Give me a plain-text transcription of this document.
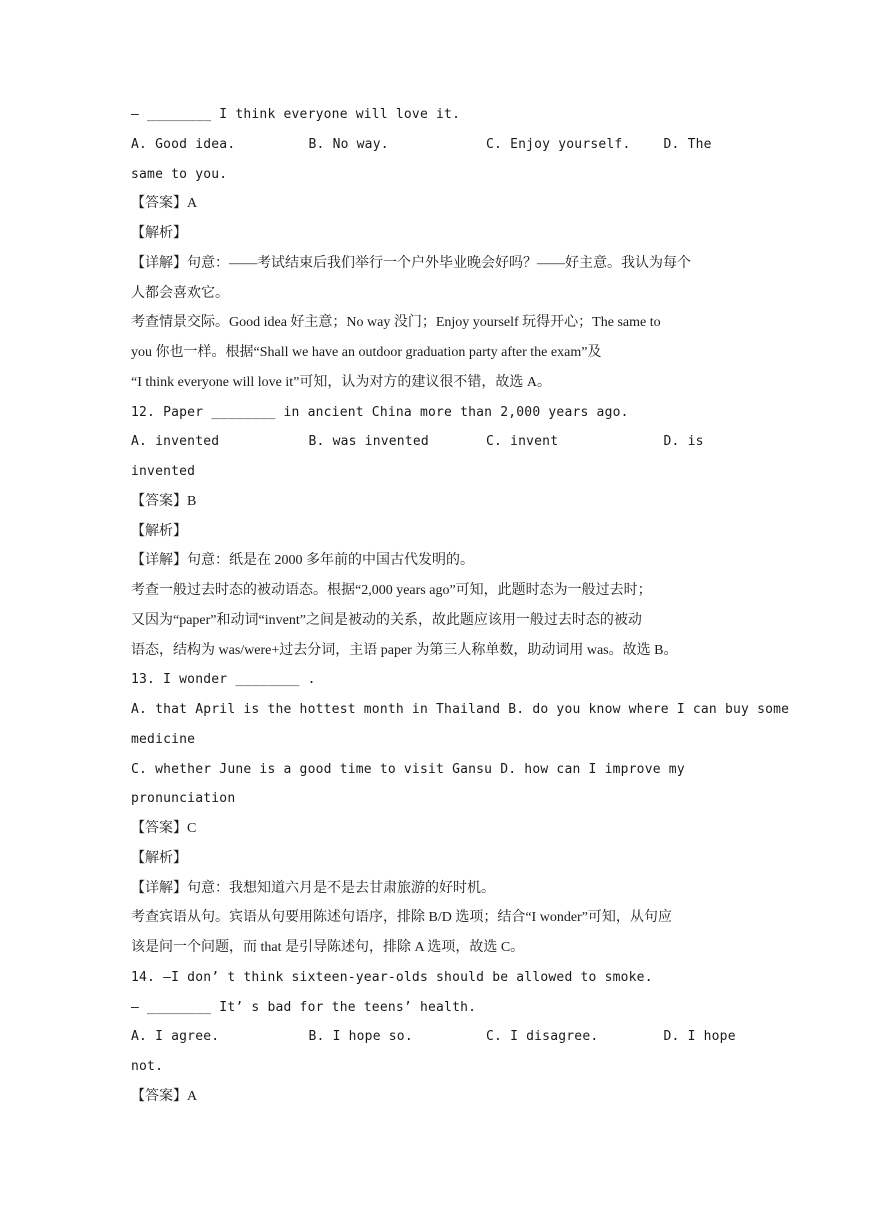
— ________ I think everyone will love it.
A. Good idea.	B. No way.	C. Enjoy yourself.	D. The
same to you.
【答案】A
【解析】
【详解】句意：——考试结束后我们举行一个户外毕业晚会好吗？——好主意。我认为每个
人都会喜欢它。
考查情景交际。Good idea 好主意；No way 没门；Enjoy yourself 玩得开心；The same to
you 你也一样。根据“Shall we have an outdoor graduation party after the exam”及
“I think everyone will love it”可知，认为对方的建议很不错，故选 A。
12. Paper ________ in ancient China more than 2,000 years ago.
A. invented	B. was invented	C. invent	D. is
invented
【答案】B
【解析】
【详解】句意：纸是在 2000 多年前的中国古代发明的。
考查一般过去时态的被动语态。根据“2,000 years ago”可知，此题时态为一般过去时；
又因为“paper”和动词“invent”之间是被动的关系，故此题应该用一般过去时态的被动
语态，结构为 was/were+过去分词，主语 paper 为第三人称单数，助动词用 was。故选 B。
13. I wonder ________ .
A. that April is the hottest month in Thailand B. do you know where I can buy some
medicine
C. whether June is a good time to visit Gansu D. how can I improve my
pronunciation
【答案】C
【解析】
【详解】句意：我想知道六月是不是去甘肃旅游的好时机。
考查宾语从句。宾语从句要用陈述句语序，排除 B/D 选项；结合“I wonder”可知，从句应
该是问一个问题，而 that 是引导陈述句，排除 A 选项，故选 C。
14. —I don’ t think sixteen-year-olds should be allowed to smoke.
— ________ It’ s bad for the teens’ health.
A. I agree.	B. I hope so.	C. I disagree.	D. I hope
not.
【答案】A
